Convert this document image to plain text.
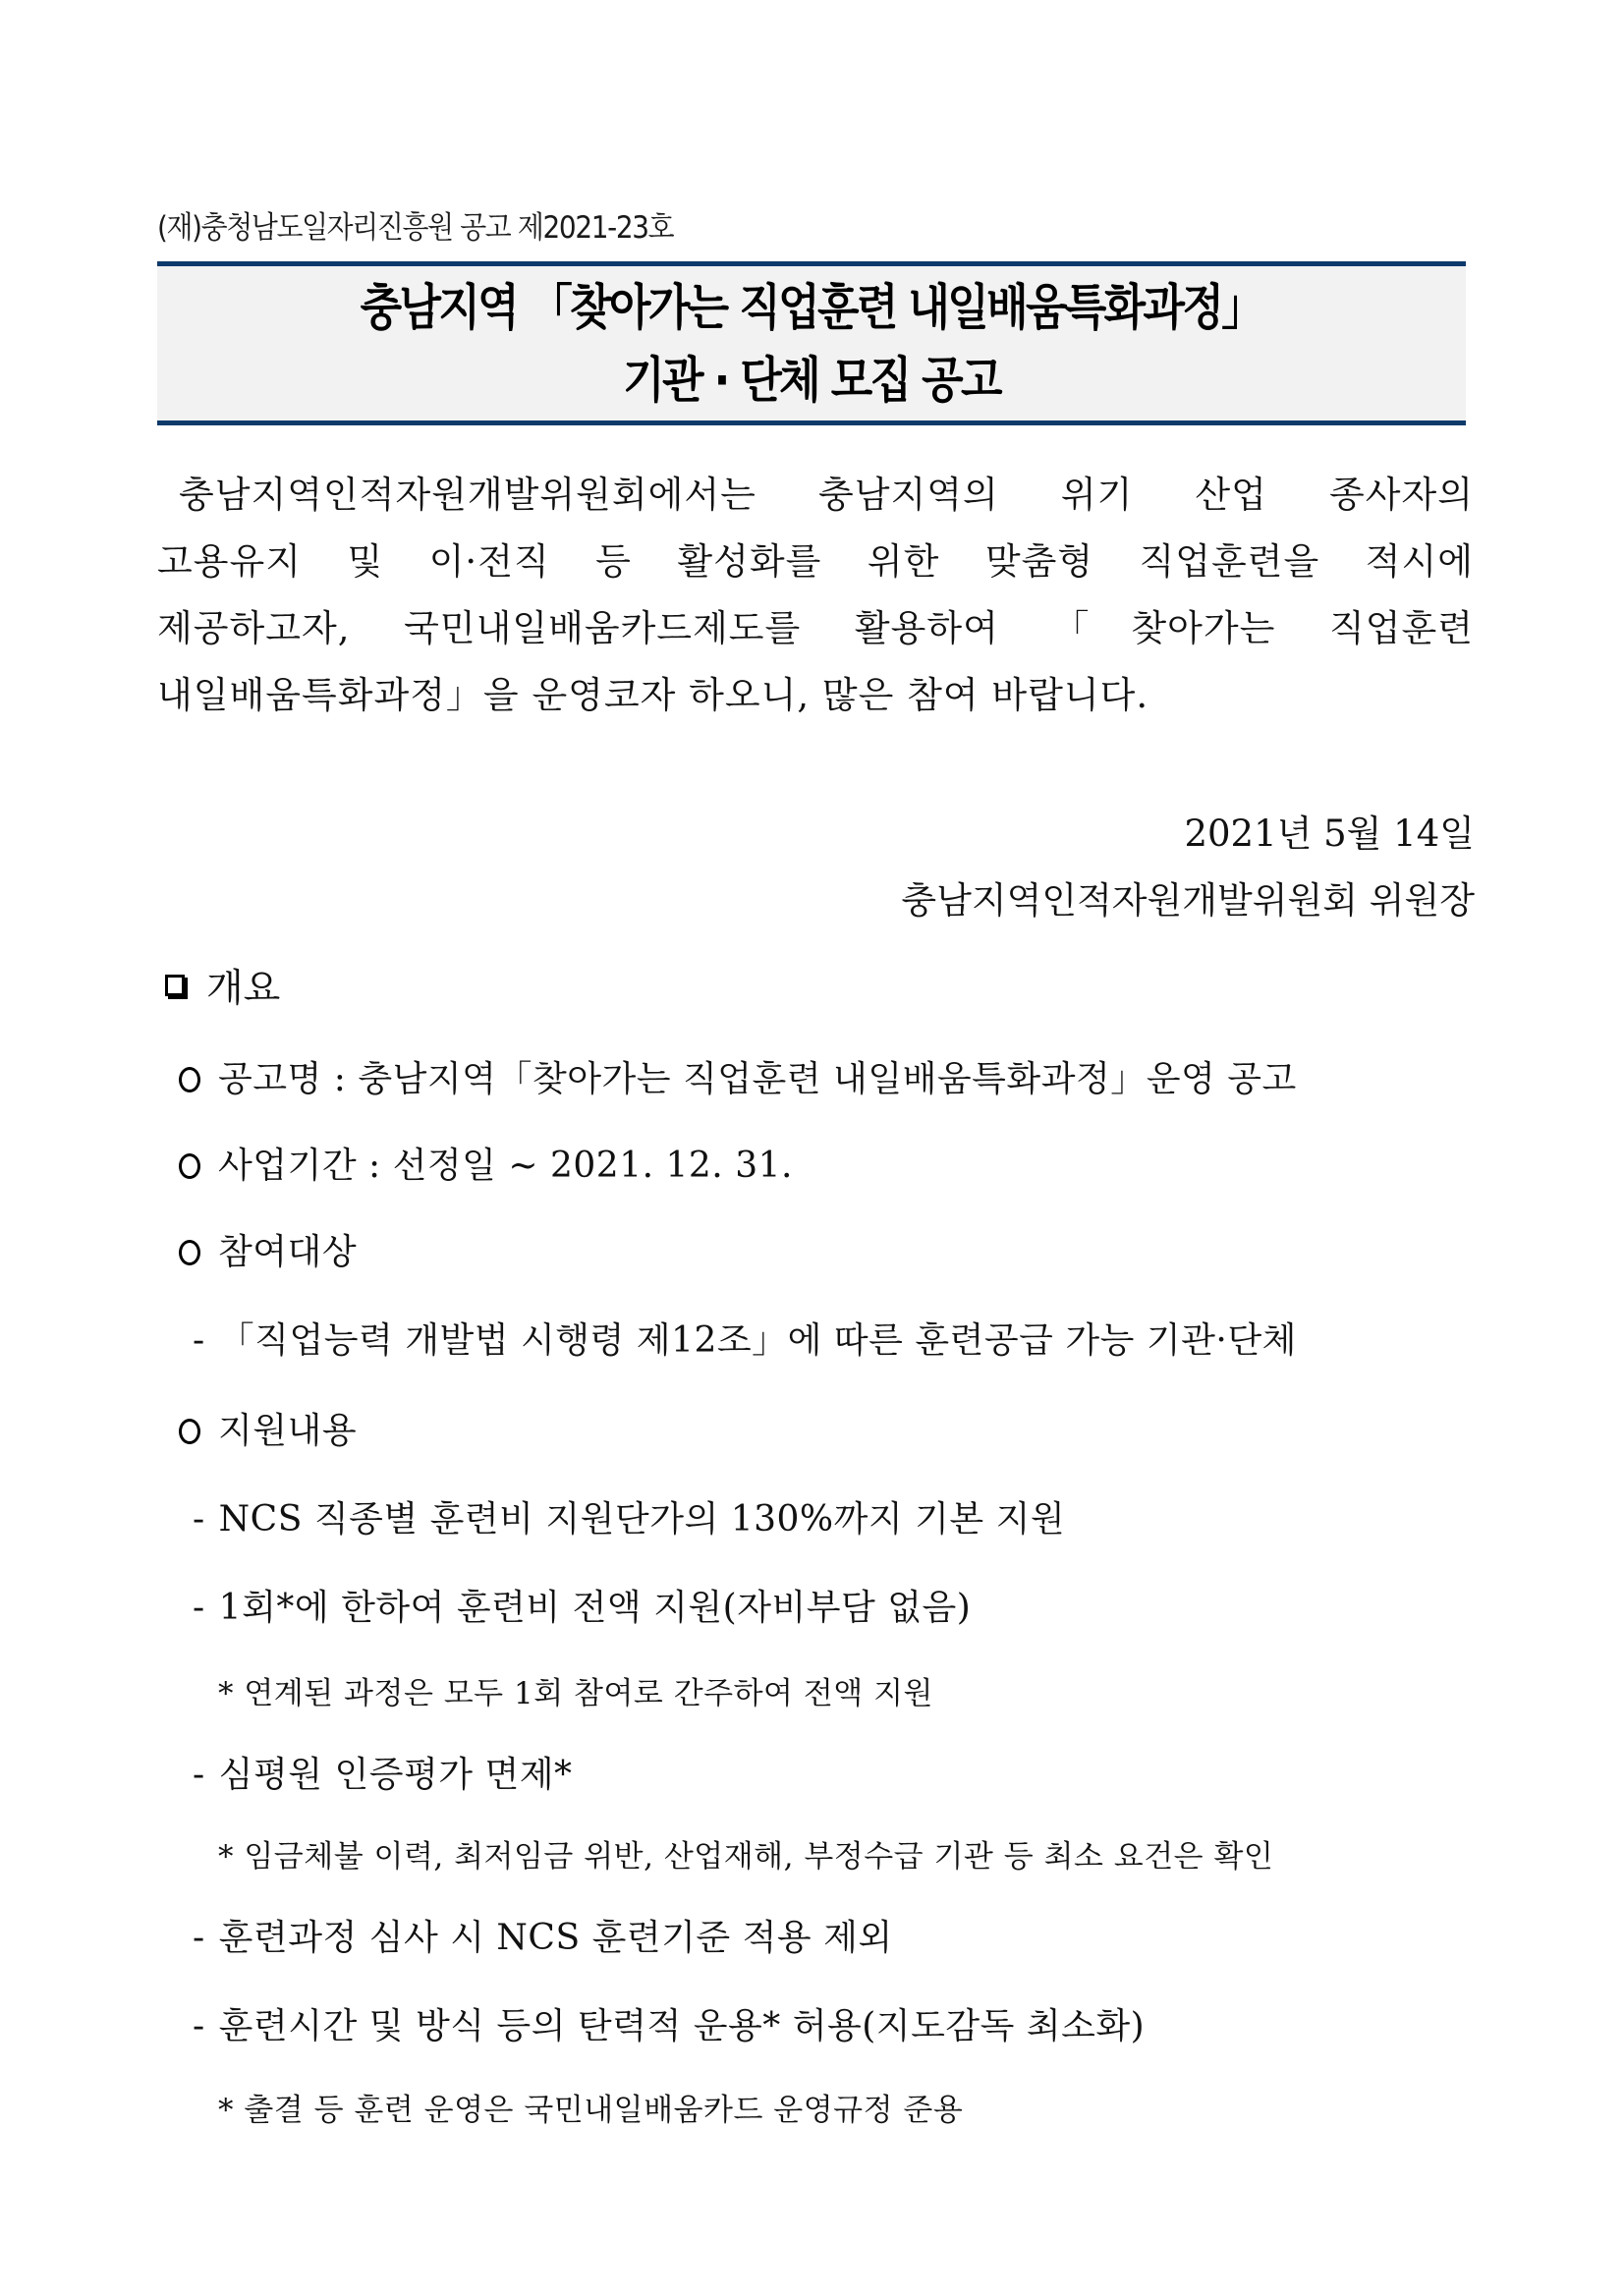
(재)충청남도일자리진흥원 공고 제2021-23호
충남지역 「찾아가는 직업훈련 내일배움특화과정」
기관 · 단체 모집 공고
충남지역인적자원개발위원회에서는 충남지역의 위기 산업 종사자의
고용유지 및 이·전직 등 활성화를 위한 맞춤형 직업훈련을 적시에
제공하고자, 국민내일배움카드제도를 활용하여 「찾아가는 직업훈련
내일배움특화과정」을 운영코자 하오니, 많은 참여 바랍니다.
2021년 5월 14일
충남지역인적자원개발위원회 위원장
개요
공고명 : 충남지역「찾아가는 직업훈련 내일배움특화과정」운영 공고
사업기간 : 선정일 ~ 2021. 12. 31.
참여대상
- 「직업능력 개발법 시행령 제12조」에 따른 훈련공급 가능 기관·단체
지원내용
- NCS 직종별 훈련비 지원단가의 130%까지 기본 지원
- 1회*에 한하여 훈련비 전액 지원(자비부담 없음)
* 연계된 과정은 모두 1회 참여로 간주하여 전액 지원
- 심평원 인증평가 면제*
* 임금체불 이력, 최저임금 위반, 산업재해, 부정수급 기관 등 최소 요건은 확인
- 훈련과정 심사 시 NCS 훈련기준 적용 제외
- 훈련시간 및 방식 등의 탄력적 운용* 허용(지도감독 최소화)
* 출결 등 훈련 운영은 국민내일배움카드 운영규정 준용
